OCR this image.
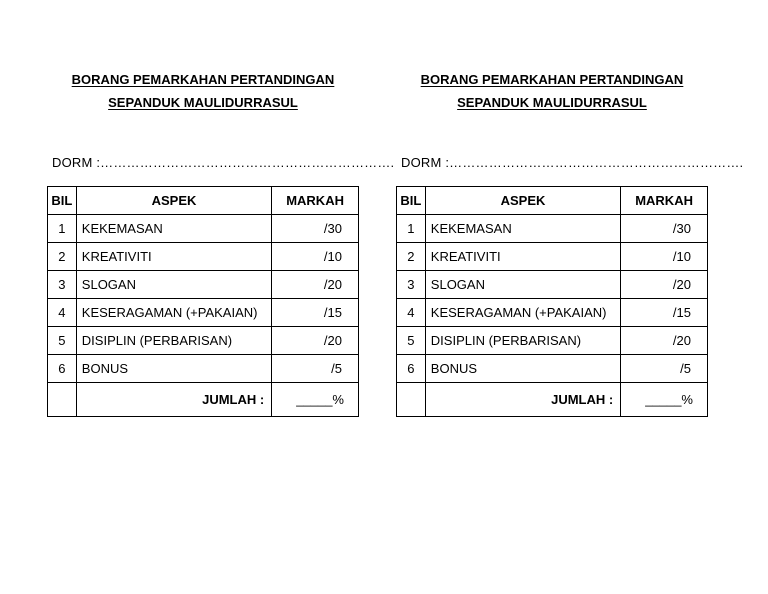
BORANG PEMARKAHAN PERTANDINGAN
SEPANDUK MAULIDURRASUL
DORM :………………………………………………………….
BIL	ASPEK	MARKAH
1	KEKEMASAN	/30
2	KREATIVITI	/10
3	SLOGAN	/20
4	KESERAGAMAN (+PAKAIAN)	/15
5	DISIPLIN (PERBARISAN)	/20
6	BONUS	/5
	JUMLAH :	_____%
BORANG PEMARKAHAN PERTANDINGAN
SEPANDUK MAULIDURRASUL
DORM :………………………………………………………….
BIL	ASPEK	MARKAH
1	KEKEMASAN	/30
2	KREATIVITI	/10
3	SLOGAN	/20
4	KESERAGAMAN (+PAKAIAN)	/15
5	DISIPLIN (PERBARISAN)	/20
6	BONUS	/5
	JUMLAH :	_____%
